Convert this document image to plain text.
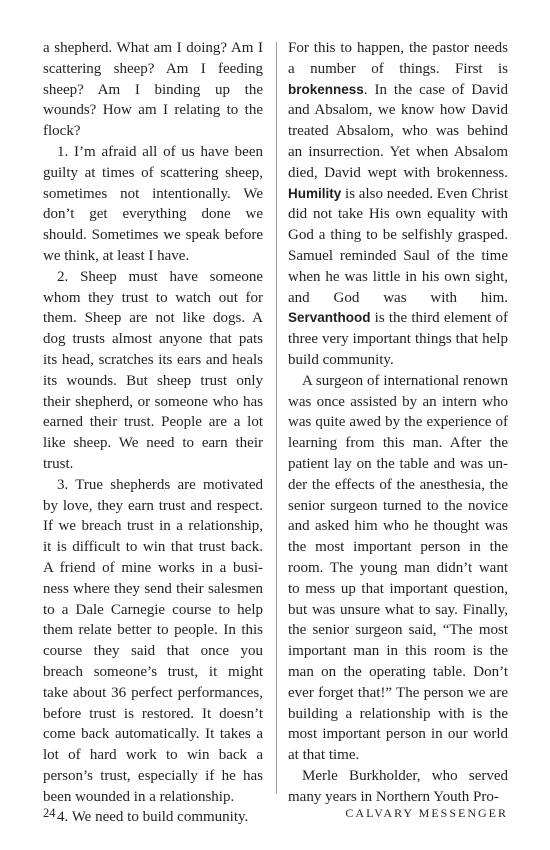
a shepherd. What am I doing? Am I scattering sheep? Am I feeding sheep? Am I binding up the wounds? How am I relating to the flock?

1. I’m afraid all of us have been guilty at times of scattering sheep, sometimes not intentionally. We don’t get everything done we should. Sometimes we speak before we think, at least I have.

2. Sheep must have someone whom they trust to watch out for them. Sheep are not like dogs. A dog trusts almost anyone that pats its head, scratches its ears and heals its wounds. But sheep trust only their shepherd, or someone who has earned their trust. People are a lot like sheep. We need to earn their trust.

3. True shepherds are motivated by love, they earn trust and respect. If we breach trust in a relationship, it is difficult to win that trust back. A friend of mine works in a business where they send their salesmen to a Dale Carnegie course to help them relate better to people. In this course they said that once you breach someone’s trust, it might take about 36 perfect performances, before trust is restored. It doesn’t come back automatically. It takes a lot of hard work to win back a person’s trust, especially if he has been wounded in a relationship.

4. We need to build community.

For this to happen, the pastor needs a number of things. First is brokenness. In the case of David and Absalom, we know how David treated Absalom, who was behind an insurrection. Yet when Absalom died, David wept with brokenness. Humility is also needed. Even Christ did not take His own equality with God a thing to be selfishly grasped. Samuel reminded Saul of the time when he was little in his own sight, and God was with him. Servanthood is the third element of three very important things that help build community.

A surgeon of international renown was once assisted by an intern who was quite awed by the experience of learning from this man. After the patient lay on the table and was under the effects of the anesthesia, the senior surgeon turned to the novice and asked him who he thought was the most important person in the room. The young man didn’t want to mess up that important question, but was unsure what to say. Finally, the senior surgeon said, “The most important man in this room is the man on the operating table. Don’t ever forget that!” The person we are building a relationship with is the most important person in our world at that time.

Merle Burkholder, who served many years in Northern Youth Pro-

24	CALVARY MESSENGER
